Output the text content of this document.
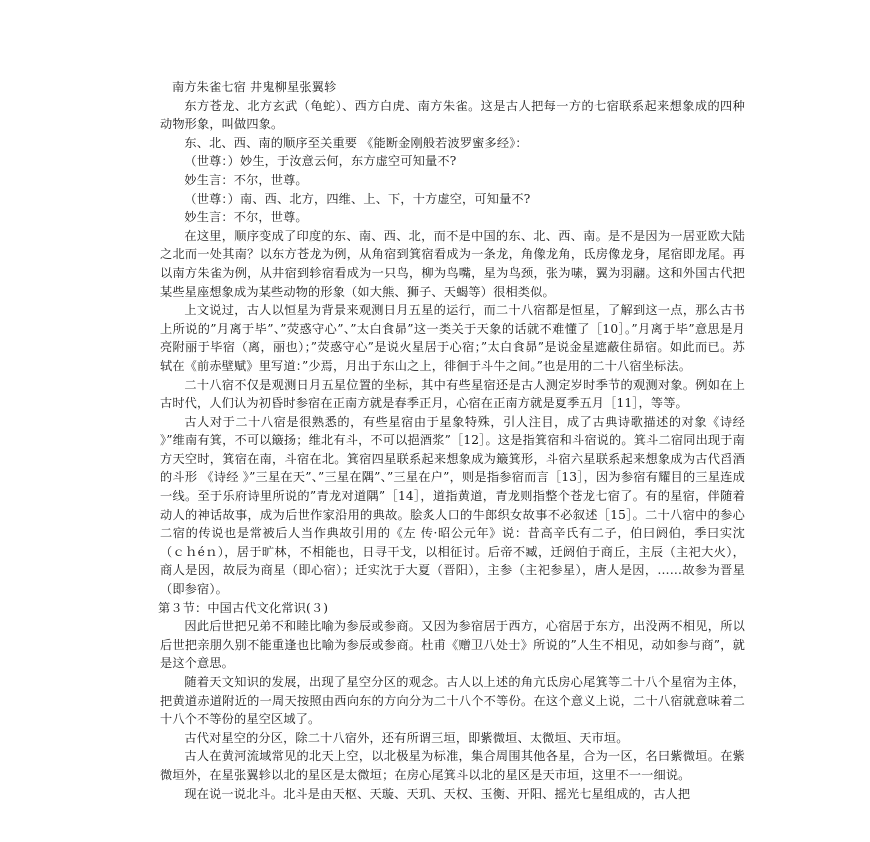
南方朱雀七宿 井鬼柳星张翼轸

东方苍龙、北方玄武（龟蛇）、西方白虎、南方朱雀。这是古人把每一方的七宿联系起来想象成的四种动物形象，叫做四象。

东、北、西、南的顺序至关重要 《能断金刚般若波罗蜜多经》：

（世尊：）妙生，于汝意云何，东方虚空可知量不?

妙生言：不尔，世尊。

（世尊：）南、西、北方，四维、上、下，十方虚空，可知量不?

妙生言：不尔，世尊。

在这里，顺序变成了印度的东、南、西、北，而不是中国的东、北、西、南。是不是因为一居亚欧大陆之北而一处其南？以东方苍龙为例，从角宿到箕宿看成为一条龙，角像龙角，氐房像龙身，尾宿即龙尾。再以南方朱雀为例，从井宿到轸宿看成为一只鸟，柳为鸟嘴，星为鸟颈，张为嗉，翼为羽翮。这和外国古代把某些星座想象成为某些动物的形象（如大熊、狮子、天蝎等）很相类似。

上文说过，古人以恒星为背景来观测日月五星的运行，而二十八宿都是恒星，了解到这一点，那么古书上所说的”月离于毕”、”荧惑守心”、”太白食昴”这一类关于天象的话就不难懂了［10］。”月离于毕”意思是月亮附丽于毕宿（离，丽也）；”荧惑守心”是说火星居于心宿；”太白食昴”是说金星遮蔽住昴宿。如此而已。苏轼在《前赤壁赋》里写道：”少焉，月出于东山之上，徘徊于斗牛之间。”也是用的二十八宿坐标法。

二十八宿不仅是观测日月五星位置的坐标，其中有些星宿还是古人测定岁时季节的观测对象。例如在上古时代，人们认为初昏时参宿在正南方就是春季正月，心宿在正南方就是夏季五月［11］，等等。

古人对于二十八宿是很熟悉的，有些星宿由于星象特殊，引人注目，成了古典诗歌描述的对象《诗经 》”维南有箕，不可以簸扬；维北有斗，不可以挹酒浆”［12］。这是指箕宿和斗宿说的。箕斗二宿同出现于南方天空时，箕宿在南，斗宿在北。箕宿四星联系起来想象成为簸箕形，斗宿六星联系起来想象成为古代舀酒的斗形 《诗经 》”三星在天”、”三星在隅”、”三星在户”，则是指参宿而言［13］，因为参宿有耀目的三星连成一线。至于乐府诗里所说的”青龙对道隅”［14］，道指黄道，青龙则指整个苍龙七宿了。有的星宿，伴随着动人的神话故事，成为后世作家沿用的典故。脍炙人口的牛郎织女故事不必叙述［15］。二十八宿中的参心二宿的传说也是常被后人当作典故引用的《左 传·昭公元年》说：昔高辛氏有二子，伯曰阏伯，季曰实沈（ｃｈéｎ），居于旷林，不相能也，日寻干戈，以相征讨。后帝不臧，迁阏伯于商丘，主辰（主祀大火），商人是因，故辰为商星（即心宿）；迁实沈于大夏（晋阳），主参（主祀参星），唐人是因，……故参为晋星（即参宿）。

第３节：中国古代文化常识(３)

因此后世把兄弟不和睦比喻为参辰或参商。又因为参宿居于西方，心宿居于东方，出没两不相见，所以后世把亲朋久别不能重逢也比喻为参辰或参商。杜甫《赠卫八处士》所说的”人生不相见，动如参与商”，就是这个意思。

随着天文知识的发展，出现了星空分区的观念。古人以上述的角亢氐房心尾箕等二十八个星宿为主体，把黄道赤道附近的一周天按照由西向东的方向分为二十八个不等份。在这个意义上说，二十八宿就意味着二十八个不等份的星空区域了。

古代对星空的分区，除二十八宿外，还有所谓三垣，即紫微垣、太微垣、天市垣。

古人在黄河流域常见的北天上空，以北极星为标准，集合周围其他各星，合为一区，名曰紫微垣。在紫微垣外，在星张翼轸以北的星区是太微垣；在房心尾箕斗以北的星区是天市垣，这里不一一细说。

现在说一说北斗。北斗是由天枢、天璇、天玑、天权、玉衡、开阳、摇光七星组成的，古人把
